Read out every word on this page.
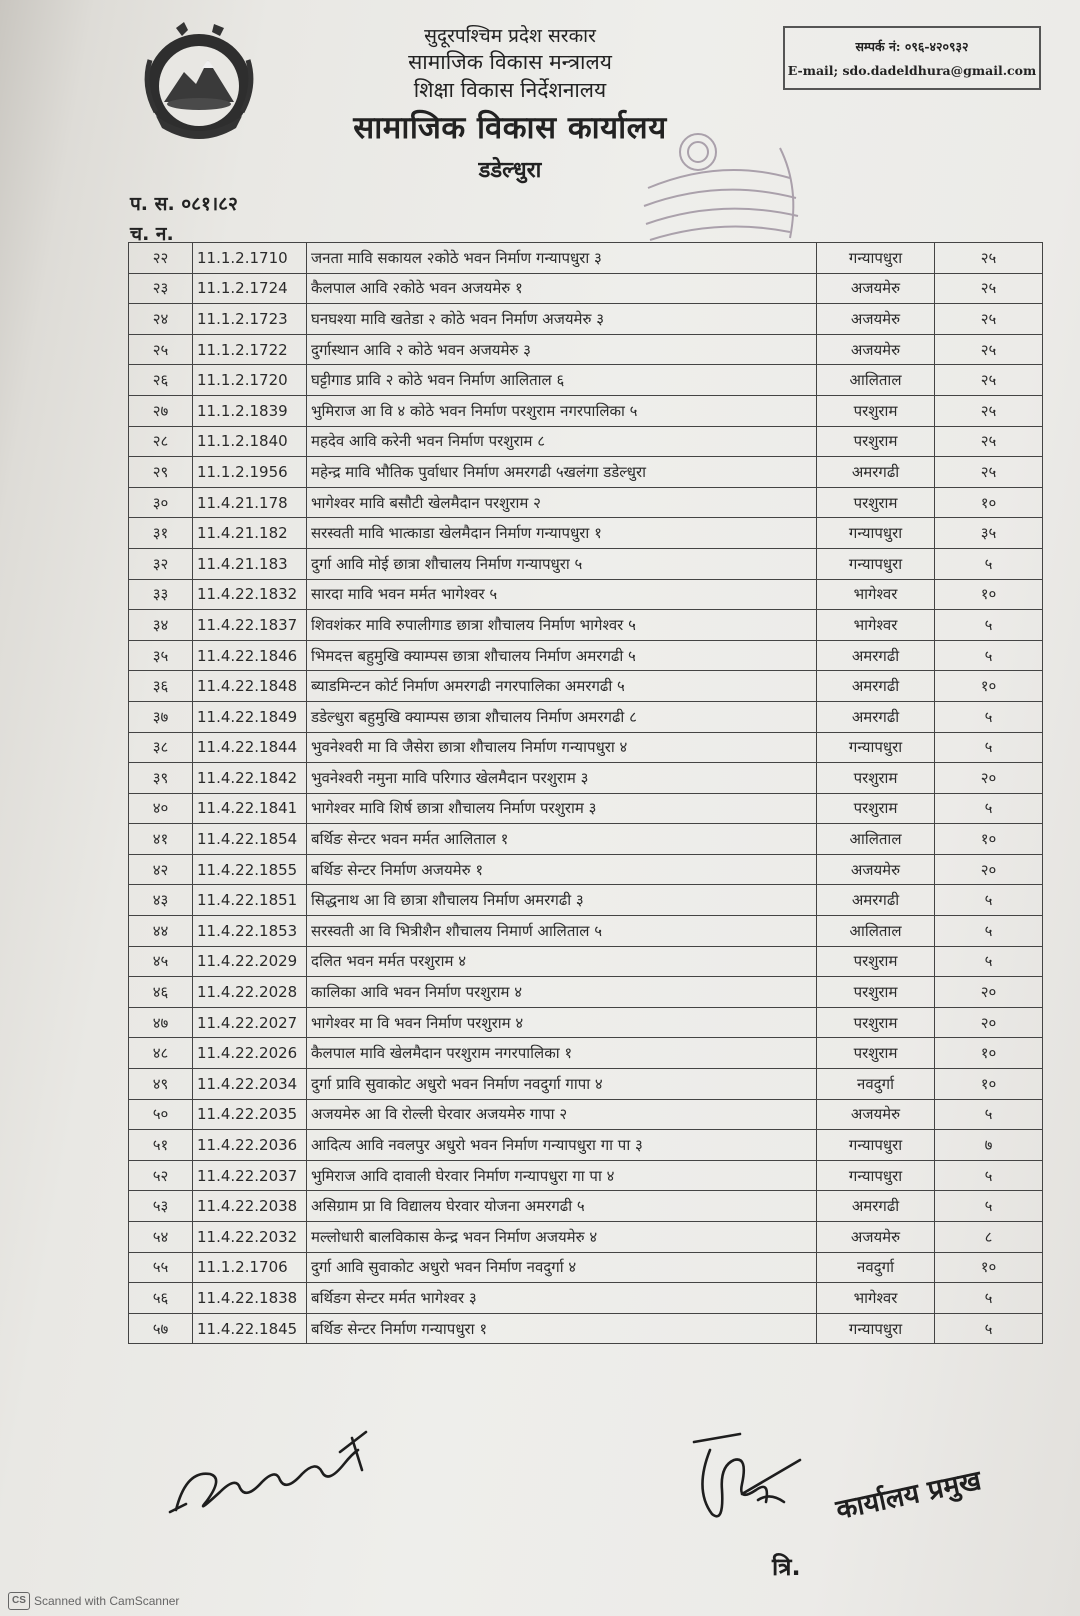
सुदूरपश्चिम प्रदेश सरकार
सामाजिक विकास मन्त्रालय
शिक्षा विकास निर्देशनालय
सामाजिक विकास कार्यालय
डडेल्धुरा
सम्पर्क नं: ०९६-४२०९३२
E-mail; sdo.dadeldhura@gmail.com
प. स. ०८१।८२
च. न.
२२	11.1.2.1710	जनता मावि सकायल २कोठे भवन निर्माण गन्यापधुरा ३	गन्यापधुरा	२५
२३	11.1.2.1724	कैलपाल आवि २कोठे भवन अजयमेरु १	अजयमेरु	२५
२४	11.1.2.1723	घनघश्या मावि खतेडा २ कोठे भवन निर्माण अजयमेरु ३	अजयमेरु	२५
२५	11.1.2.1722	दुर्गास्थान आवि २ कोठे भवन अजयमेरु ३	अजयमेरु	२५
२६	11.1.2.1720	घट्टीगाड प्रावि २ कोठे भवन निर्माण आलिताल ६	आलिताल	२५
२७	11.1.2.1839	भुमिराज आ वि ४ कोठे भवन निर्माण परशुराम नगरपालिका ५	परशुराम	२५
२८	11.1.2.1840	महदेव आवि करेनी भवन निर्माण परशुराम ८	परशुराम	२५
२९	11.1.2.1956	महेन्द्र मावि भौतिक पुर्वाधार निर्माण अमरगढी ५खलंगा डडेल्धुरा	अमरगढी	२५
३०	11.4.21.178	भागेश्वर मावि बसौटी खेलमैदान परशुराम २	परशुराम	१०
३१	11.4.21.182	सरस्वती मावि भात्काडा खेलमैदान निर्माण गन्यापधुरा १	गन्यापधुरा	३५
३२	11.4.21.183	दुर्गा आवि मोई छात्रा शौचालय निर्माण गन्यापधुरा ५	गन्यापधुरा	५
३३	11.4.22.1832	सारदा मावि भवन मर्मत भागेश्वर ५	भागेश्वर	१०
३४	11.4.22.1837	शिवशंकर मावि रुपालीगाड छात्रा शौचालय निर्माण भागेश्वर ५	भागेश्वर	५
३५	11.4.22.1846	भिमदत्त बहुमुखि क्याम्पस छात्रा शौचालय निर्माण अमरगढी ५	अमरगढी	५
३६	11.4.22.1848	ब्याडमिन्टन कोर्ट निर्माण अमरगढी नगरपालिका अमरगढी ५	अमरगढी	१०
३७	11.4.22.1849	डडेल्धुरा बहुमुखि क्याम्पस छात्रा शौचालय निर्माण अमरगढी ८	अमरगढी	५
३८	11.4.22.1844	भुवनेश्वरी मा वि जैसेरा छात्रा शौचालय निर्माण गन्यापधुरा ४	गन्यापधुरा	५
३९	11.4.22.1842	भुवनेश्वरी नमुना मावि परिगाउ खेलमैदान परशुराम ३	परशुराम	२०
४०	11.4.22.1841	भागेश्वर मावि शिर्ष छात्रा शौचालय निर्माण परशुराम ३	परशुराम	५
४१	11.4.22.1854	बर्थिङ सेन्टर भवन मर्मत आलिताल १	आलिताल	१०
४२	11.4.22.1855	बर्थिङ सेन्टर निर्माण अजयमेरु १	अजयमेरु	२०
४३	11.4.22.1851	सिद्धनाथ आ वि छात्रा शौचालय निर्माण अमरगढी ३	अमरगढी	५
४४	11.4.22.1853	सरस्वती आ वि भित्रीशैन शौचालय निमार्ण आलिताल ५	आलिताल	५
४५	11.4.22.2029	दलित भवन मर्मत परशुराम ४	परशुराम	५
४६	11.4.22.2028	कालिका आवि भवन निर्माण परशुराम ४	परशुराम	२०
४७	11.4.22.2027	भागेश्वर मा वि भवन निर्माण परशुराम ४	परशुराम	२०
४८	11.4.22.2026	कैलपाल मावि खेलमैदान परशुराम नगरपालिका १	परशुराम	१०
४९	11.4.22.2034	दुर्गा प्रावि सुवाकोट अधुरो भवन निर्माण नवदुर्गा गापा ४	नवदुर्गा	१०
५०	11.4.22.2035	अजयमेरु आ वि रोल्ली घेरवार अजयमेरु गापा २	अजयमेरु	५
५१	11.4.22.2036	आदित्य आवि नवलपुर अधुरो भवन निर्माण गन्यापधुरा गा पा ३	गन्यापधुरा	७
५२	11.4.22.2037	भुमिराज आवि दावाली घेरवार निर्माण गन्यापधुरा गा पा ४	गन्यापधुरा	५
५३	11.4.22.2038	असिग्राम प्रा वि विद्यालय घेरवार योजना अमरगढी ५	अमरगढी	५
५४	11.4.22.2032	मल्लोधारी बालविकास केन्द्र भवन निर्माण अजयमेरु ४	अजयमेरु	८
५५	11.1.2.1706	दुर्गा आवि सुवाकोट अधुरो भवन निर्माण नवदुर्गा ४	नवदुर्गा	१०
५६	11.4.22.1838	बर्थिङग सेन्टर मर्मत भागेश्वर ३	भागेश्वर	५
५७	11.4.22.1845	बर्थिङ सेन्टर निर्माण गन्यापधुरा १	गन्यापधुरा	५
कार्यालय प्रमुख
त्रि.
CS Scanned with CamScanner
